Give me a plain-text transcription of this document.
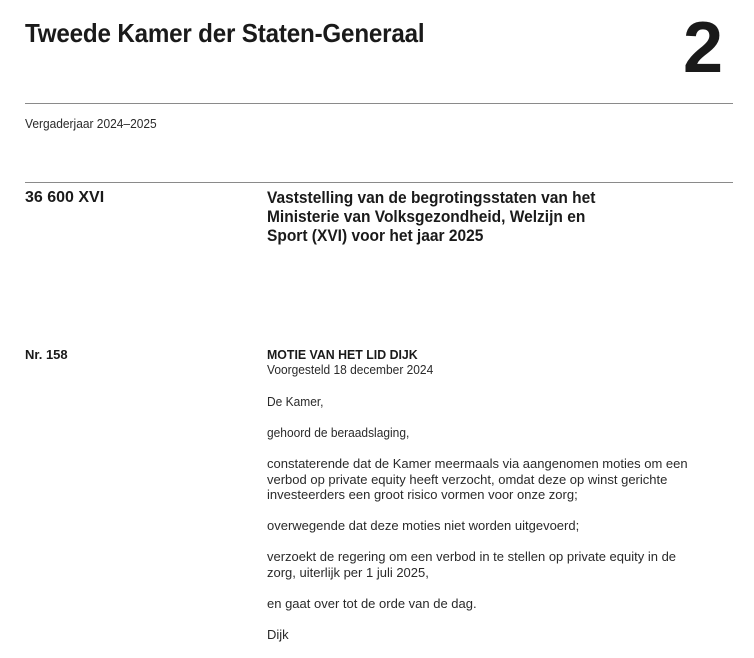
Tweede Kamer der Staten-Generaal	2
Vergaderjaar 2024–2025
36 600 XVI	Vaststelling van de begrotingsstaten van het
Ministerie van Volksgezondheid, Welzijn en
Sport (XVI) voor het jaar 2025
Nr. 158	MOTIE VAN HET LID DIJK
Voorgesteld 18 december 2024
De Kamer,
gehoord de beraadslaging,
constaterende dat de Kamer meermaals via aangenomen moties om een
verbod op private equity heeft verzocht, omdat deze op winst gerichte
investeerders een groot risico vormen voor onze zorg;
overwegende dat deze moties niet worden uitgevoerd;
verzoekt de regering om een verbod in te stellen op private equity in de
zorg, uiterlijk per 1 juli 2025,
en gaat over tot de orde van de dag.
Dijk
